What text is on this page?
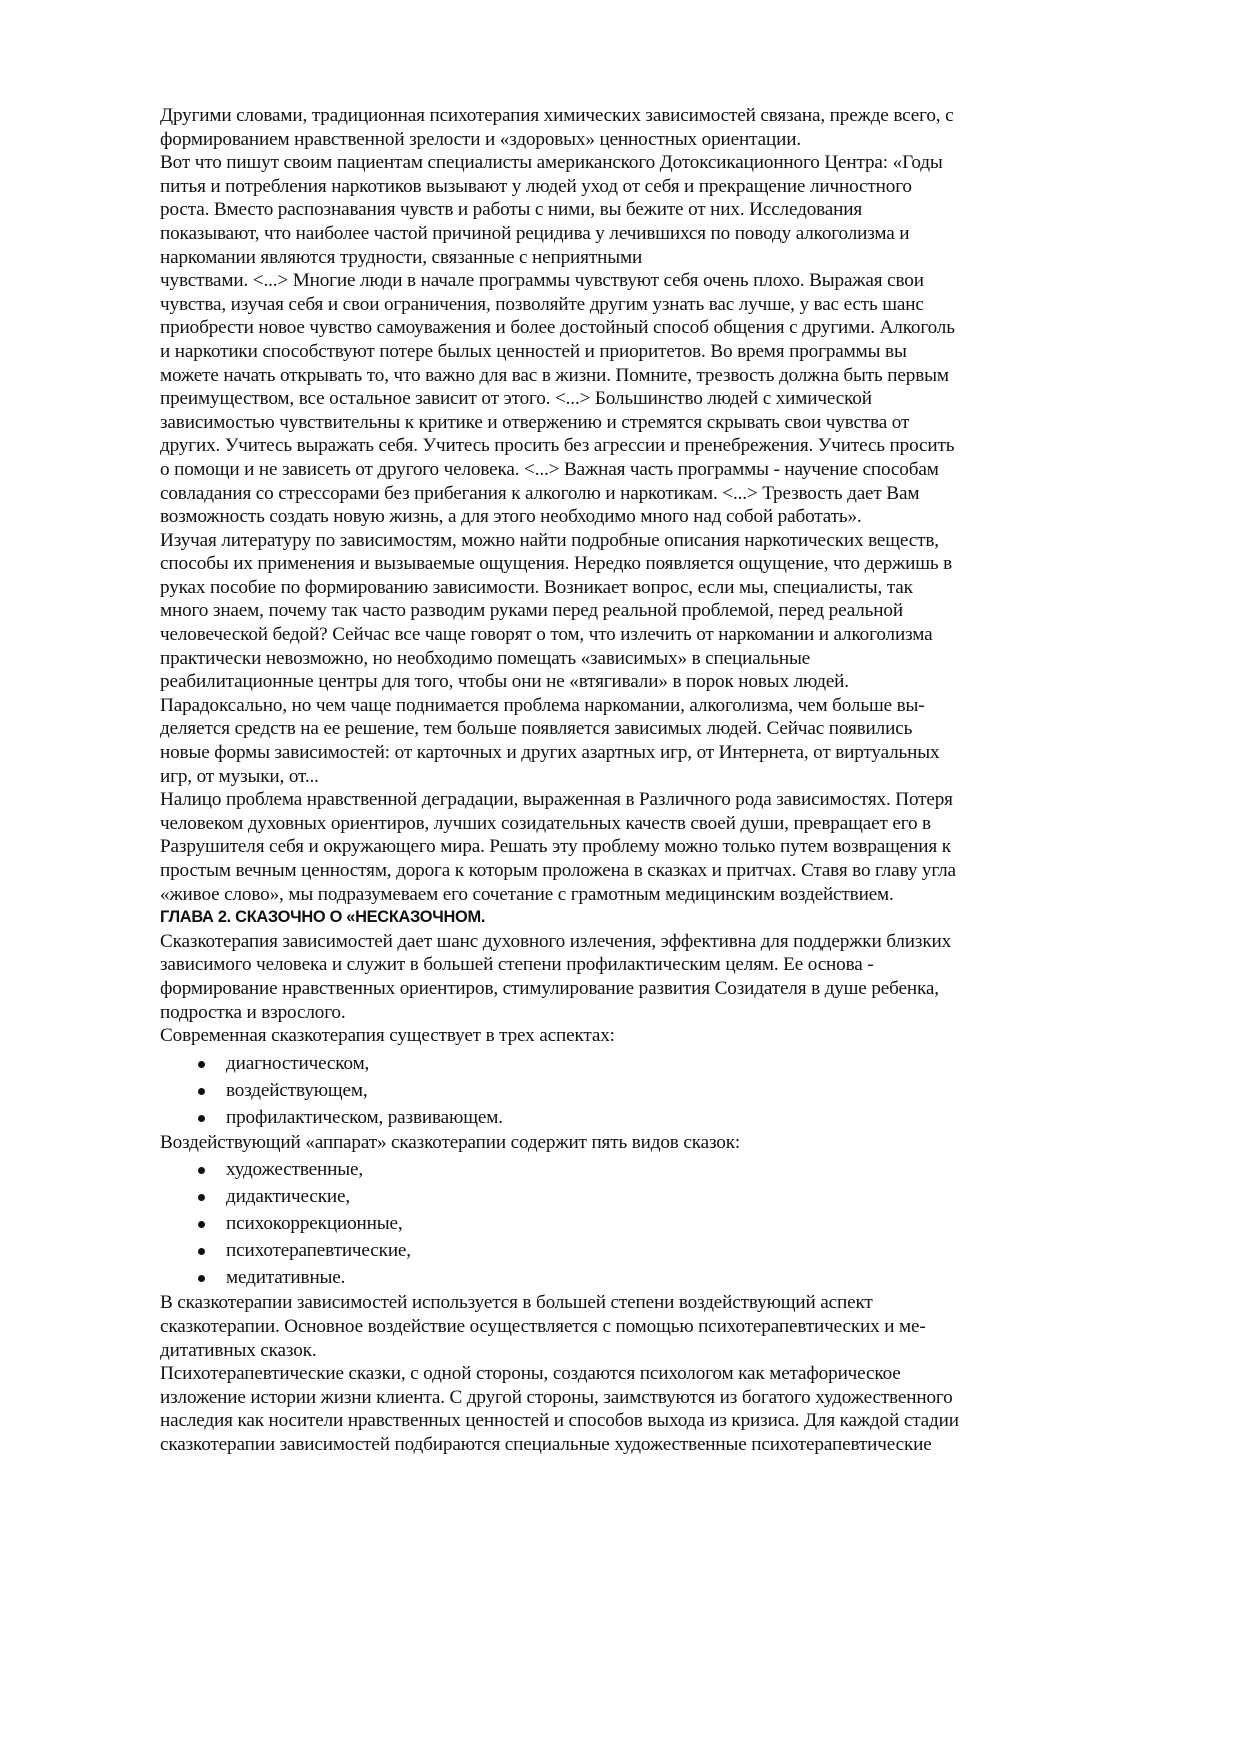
Другими словами, традиционная психотерапия химических зависимостей связана, прежде всего, с
формированием нравственной зрелости и «здоровых» ценностных ориентации.
Вот что пишут своим пациентам специалисты американского Дотоксикационного Центра: «Годы
питья и потребления наркотиков вызывают у людей уход от себя и прекращение личностного
роста. Вместо распознавания чувств и работы с ними, вы бежите от них. Исследования
показывают, что наиболее частой причиной рецидива у лечившихся по поводу алкоголизма и
наркомании являются трудности, связанные с неприятными
чувствами. <...> Многие люди в начале программы чувствуют себя очень плохо. Выражая свои
чувства, изучая себя и свои ограничения, позволяйте другим узнать вас лучше, у вас есть шанс
приобрести новое чувство самоуважения и более достойный способ общения с другими. Алкоголь
и наркотики способствуют потере былых ценностей и приоритетов. Во время программы вы
можете начать открывать то, что важно для вас в жизни. Помните, трезвость должна быть первым
преимуществом, все остальное зависит от этого. <...> Большинство людей с химической
зависимостью чувствительны к критике и отвержению и стремятся скрывать свои чувства от
других. Учитесь выражать себя. Учитесь просить без агрессии и пренебрежения. Учитесь просить
о помощи и не зависеть от другого человека. <...> Важная часть программы - научение способам
совладания со стрессорами без прибегания к алкоголю и наркотикам. <...> Трезвость дает Вам
возможность создать новую жизнь, а для этого необходимо много над собой работать».
Изучая литературу по зависимостям, можно найти подробные описания наркотических веществ,
способы их применения и вызываемые ощущения. Нередко появляется ощущение, что держишь в
руках пособие по формированию зависимости. Возникает вопрос, если мы, специалисты, так
много знаем, почему так часто разводим руками перед реальной проблемой, перед реальной
человеческой бедой? Сейчас все чаще говорят о том, что излечить от наркомании и алкоголизма
практически невозможно, но необходимо помещать «зависимых» в специальные
реабилитационные центры для того, чтобы они не «втягивали» в порок новых людей.
Парадоксально, но чем чаще поднимается проблема наркомании, алкоголизма, чем больше вы-
деляется средств на ее решение, тем больше появляется зависимых людей. Сейчас появились
новые формы зависимостей: от карточных и других азартных игр, от Интернета, от виртуальных
игр, от музыки, от...
Налицо проблема нравственной деградации, выраженная в Различного рода зависимостях. Потеря
человеком духовных ориентиров, лучших созидательных качеств своей души, превращает его в
Разрушителя себя и окружающего мира. Решать эту проблему можно только путем возвращения к
простым вечным ценностям, дорога к которым проложена в сказках и притчах. Ставя во главу угла
«живое слово», мы подразумеваем его сочетание с грамотным медицинским воздействием.
ГЛАВА 2. СКАЗОЧНО О «НЕСКАЗОЧНОМ.
Сказкотерапия зависимостей дает шанс духовного излечения, эффективна для поддержки близких
зависимого человека и служит в большей степени профилактическим целям. Ее основа -
формирование нравственных ориентиров, стимулирование развития Созидателя в душе ребенка,
подростка и взрослого.
Современная сказкотерапия существует в трех аспектах:
диагностическом,
воздействующем,
профилактическом, развивающем.
Воздействующий «аппарат» сказкотерапии содержит пять видов сказок:
художественные,
дидактические,
психокоррекционные,
психотерапевтические,
медитативные.
В сказкотерапии зависимостей используется в большей степени воздействующий аспект
сказкотерапии. Основное воздействие осуществляется с помощью психотерапевтических и ме-
дитативных сказок.
Психотерапевтические сказки, с одной стороны, создаются психологом как метафорическое
изложение истории жизни клиента. С другой стороны, заимствуются из богатого художественного
наследия как носители нравственных ценностей и способов выхода из кризиса. Для каждой стадии
сказкотерапии зависимостей подбираются специальные художественные психотерапевтические
